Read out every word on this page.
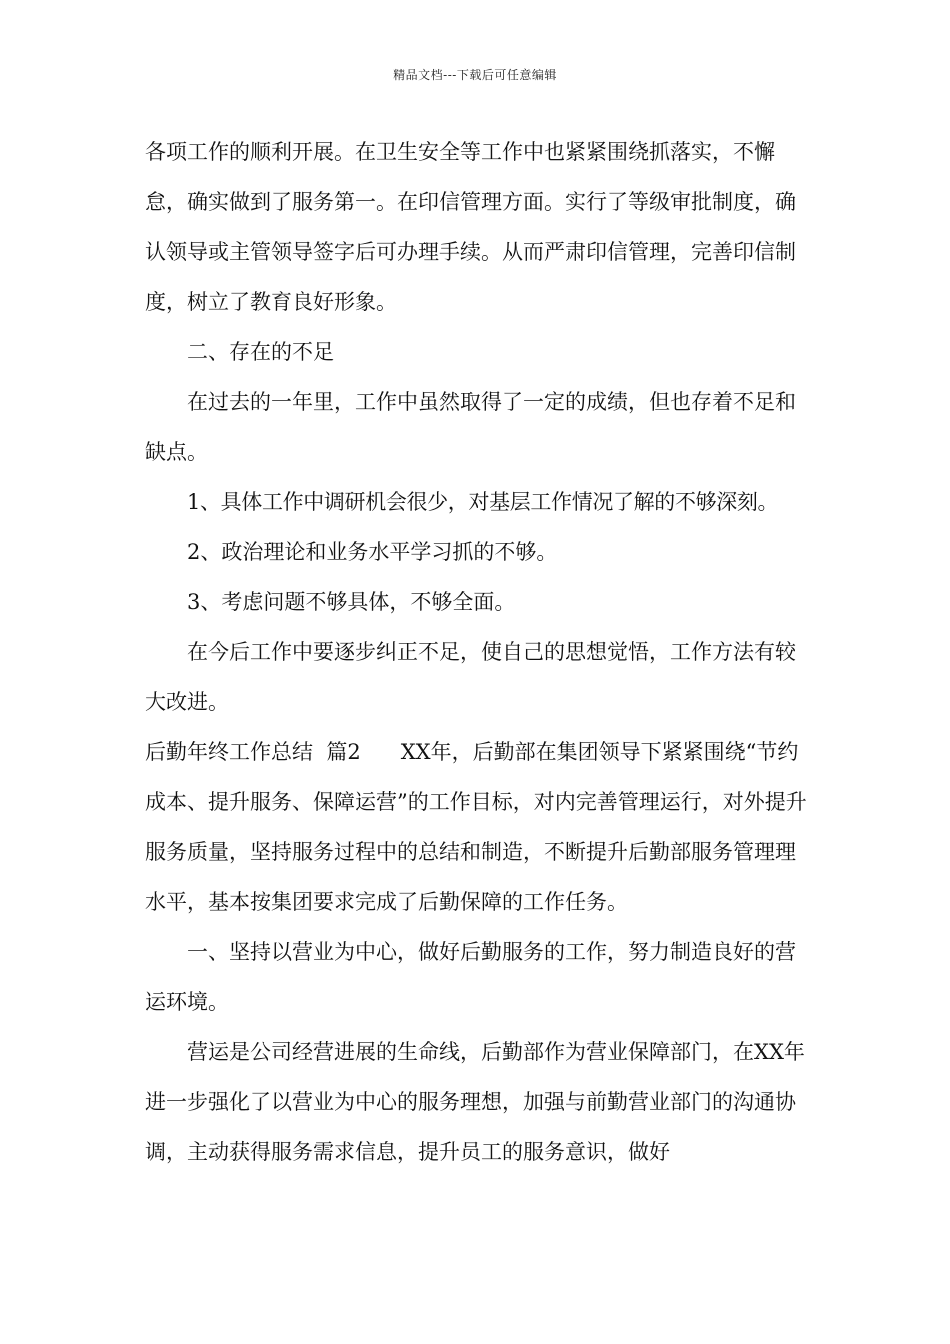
精品文档---下载后可任意编辑

各项工作的顺利开展。在卫生安全等工作中也紧紧围绕抓落实，不懈怠，确实做到了服务第一。在印信管理方面。实行了等级审批制度，确认领导或主管领导签字后可办理手续。从而严肃印信管理，完善印信制度，树立了教育良好形象。

二、存在的不足

在过去的一年里，工作中虽然取得了一定的成绩，但也存着不足和缺点。

1、具体工作中调研机会很少，对基层工作情况了解的不够深刻。

2、政治理论和业务水平学习抓的不够。

3、考虑问题不够具体，不够全面。

在今后工作中要逐步纠正不足，使自己的思想觉悟，工作方法有较大改进。

后勤年终工作总结  篇2 XX年，后勤部在集团领导下紧紧围绕“节约成本、提升服务、保障运营”的工作目标，对内完善管理运行，对外提升服务质量，坚持服务过程中的总结和制造，不断提升后勤部服务管理理水平，基本按集团要求完成了后勤保障的工作任务。

一、坚持以营业为中心，做好后勤服务的工作，努力制造良好的营运环境。

营运是公司经营进展的生命线，后勤部作为营业保障部门，在XX年进一步强化了以营业为中心的服务理想，加强与前勤营业部门的沟通协调，主动获得服务需求信息，提升员工的服务意识，做好
